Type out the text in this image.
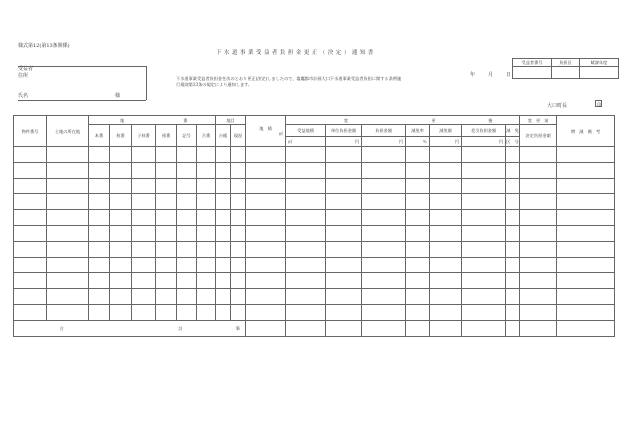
様式第12(第13条関係)
下水道事業受益者負担金更正（決定）通知書
受益者
住所
氏名	様
受益者番号	負担区	賦課年度

年　月　日
下水道事業受益者負担金を次のとおり更正(決定)しましたので、塩竈都市計画大口下水道事業受益者負担に関する条例施
行規則第13条の規定により通知します。
大口町長	印
物件番号	土地の所在地	地			番			地目		地　積
㎡	変			更		後		変　更　前	増　減　備　考
		本番	枝番	子枝番	孫番	記号	合番	台帳	現況		受益地積	単位負担金額	負担金額	減免率	減免額	差引負担金額	減　免	決定負担金額	
											㎡	円	円	％	円	円	区　分		

合			計						筆										
